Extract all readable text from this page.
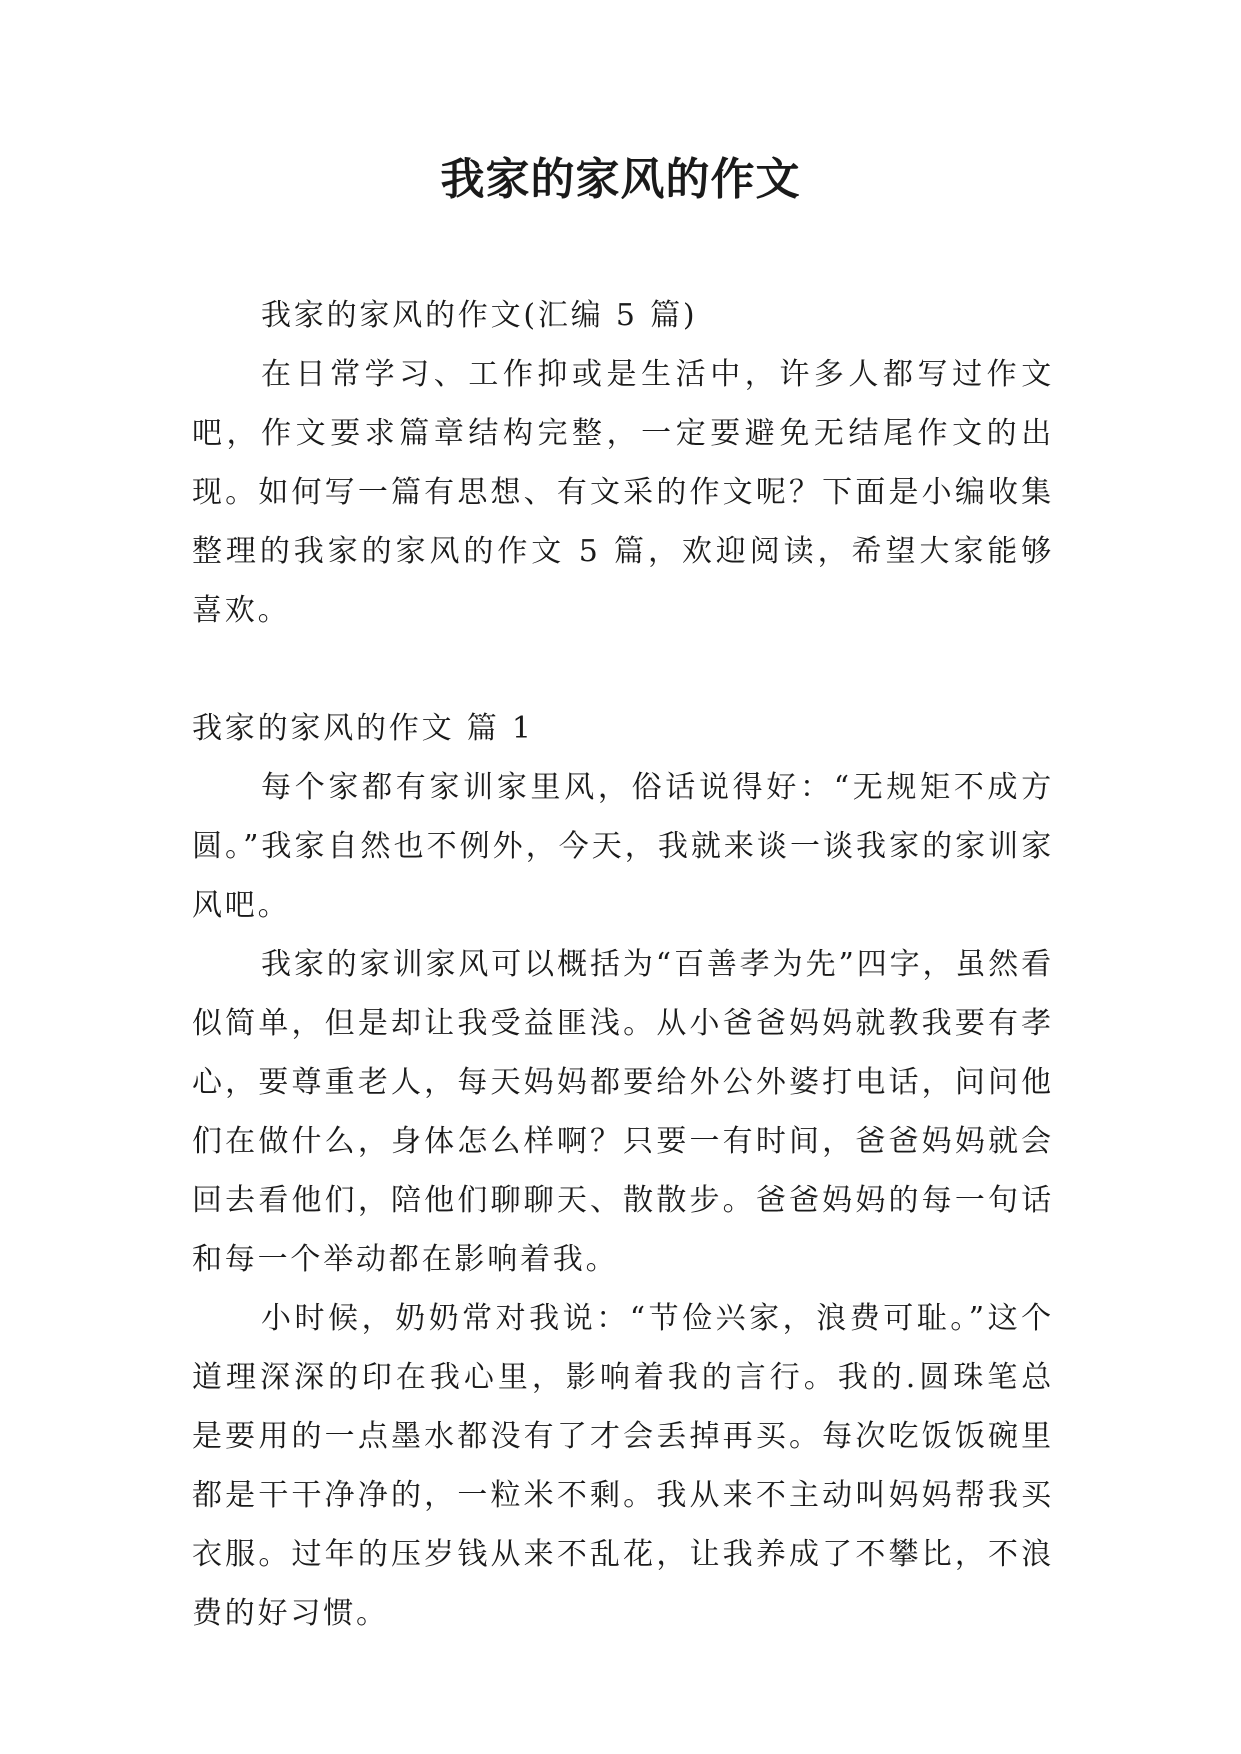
我家的家风的作文

我家的家风的作文(汇编 5 篇)

在日常学习、工作抑或是生活中，许多人都写过作文吧，作文要求篇章结构完整，一定要避免无结尾作文的出现。如何写一篇有思想、有文采的作文呢？下面是小编收集整理的我家的家风的作文 5 篇，欢迎阅读，希望大家能够喜欢。

我家的家风的作文 篇 1

每个家都有家训家里风，俗话说得好：“无规矩不成方圆。”我家自然也不例外，今天，我就来谈一谈我家的家训家风吧。

我家的家训家风可以概括为“百善孝为先”四字，虽然看似简单，但是却让我受益匪浅。从小爸爸妈妈就教我要有孝心，要尊重老人，每天妈妈都要给外公外婆打电话，问问他们在做什么，身体怎么样啊？只要一有时间，爸爸妈妈就会回去看他们，陪他们聊聊天、散散步。爸爸妈妈的每一句话和每一个举动都在影响着我。

小时候，奶奶常对我说：“节俭兴家，浪费可耻。”这个道理深深的印在我心里，影响着我的言行。我的.圆珠笔总是要用的一点墨水都没有了才会丢掉再买。每次吃饭饭碗里都是干干净净的，一粒米不剩。我从来不主动叫妈妈帮我买衣服。过年的压岁钱从来不乱花，让我养成了不攀比，不浪费的好习惯。
